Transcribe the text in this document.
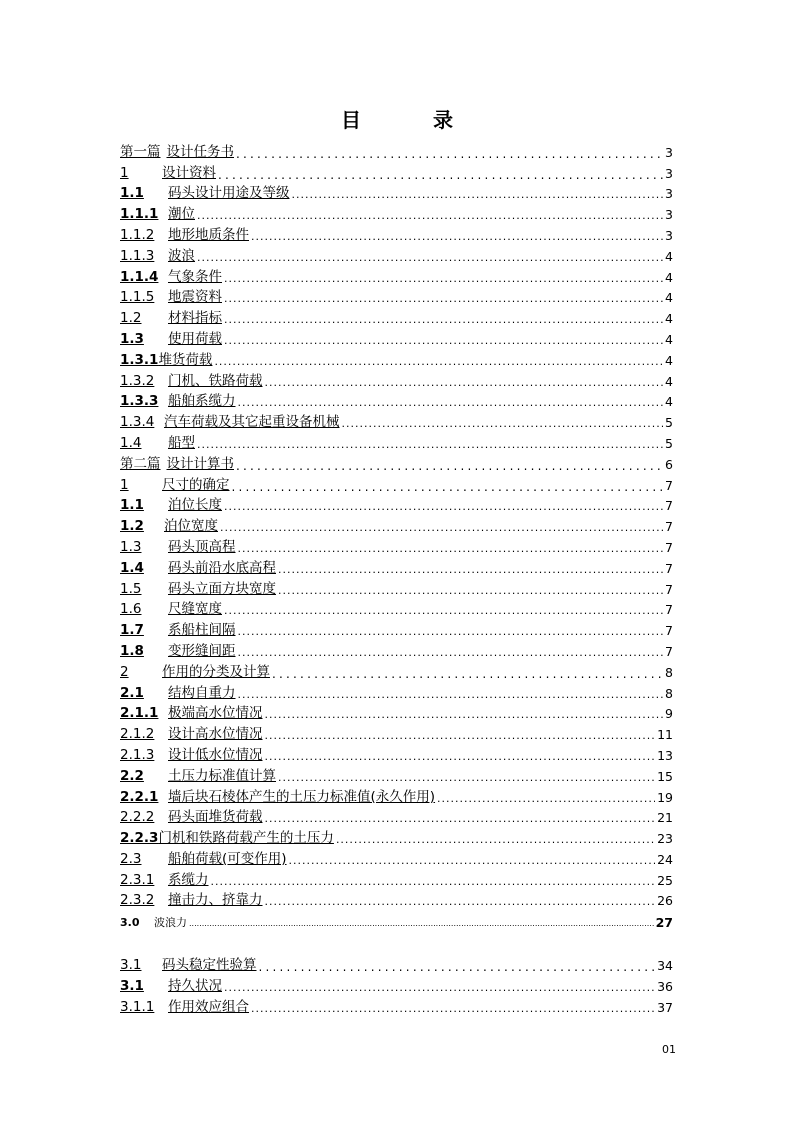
目　录
第一篇 设计任务书 .....	3
1	设计资料 .....	3
1.1	码头设计用途及等级 .....	3
1.1.1 潮位 .....	3
1.1.2	地形地质条件 .....	3
1.1.3	波浪 .....	4
1.1.4 气象条件 .....	4
1.1.5	地震资料 .....	4
1.2	材料指标 .....	4
1.3	使用荷载 .....	4
1.3.1 堆货荷载 .....	4
1.3.2	门机、铁路荷载 .....	4
1.3.3 船舶系缆力 .....	4
1.3.4 汽车荷载及其它起重设备机械 .....	5
1.4	船型 .....	5
第二篇 设计计算书 .....	6
1	尺寸的确定 .....	7
1.1	泊位长度 .....	7
1.2	泊位宽度 .....	7
1.3	码头顶高程 .....	7
1.4	码头前沿水底高程 .....	7
1.5	码头立面方块宽度 .....	7
1.6	尺缝宽度 .....	7
1.7	系船柱间隔 .....	7
1.8	变形缝间距 .....	7
2	作用的分类及计算 .....	8
2.1	结构自重力 .....	8
2.1.1 极端高水位情况 .....	9
2.1.2	设计高水位情况 .....	11
2.1.3	设计低水位情况 .....	13
2.2	土压力标准值计算 .....	15
2.2.1 墙后块石棱体产生的土压力标准值(永久作用) .....	19
2.2.2	码头面堆货荷载 .....	21
2.2.3 门机和铁路荷载产生的土压力 .....	23
2.3	船舶荷载(可变作用) .....	24
2.3.1	系缆力 .....	25
2.3.2	撞击力、挤靠力 .....	26
3.0	波浪力 .....	27
3.1	码头稳定性验算 .....	34
3.1	持久状况 .....	36
3.1.1	作用效应组合 .....	37
01
